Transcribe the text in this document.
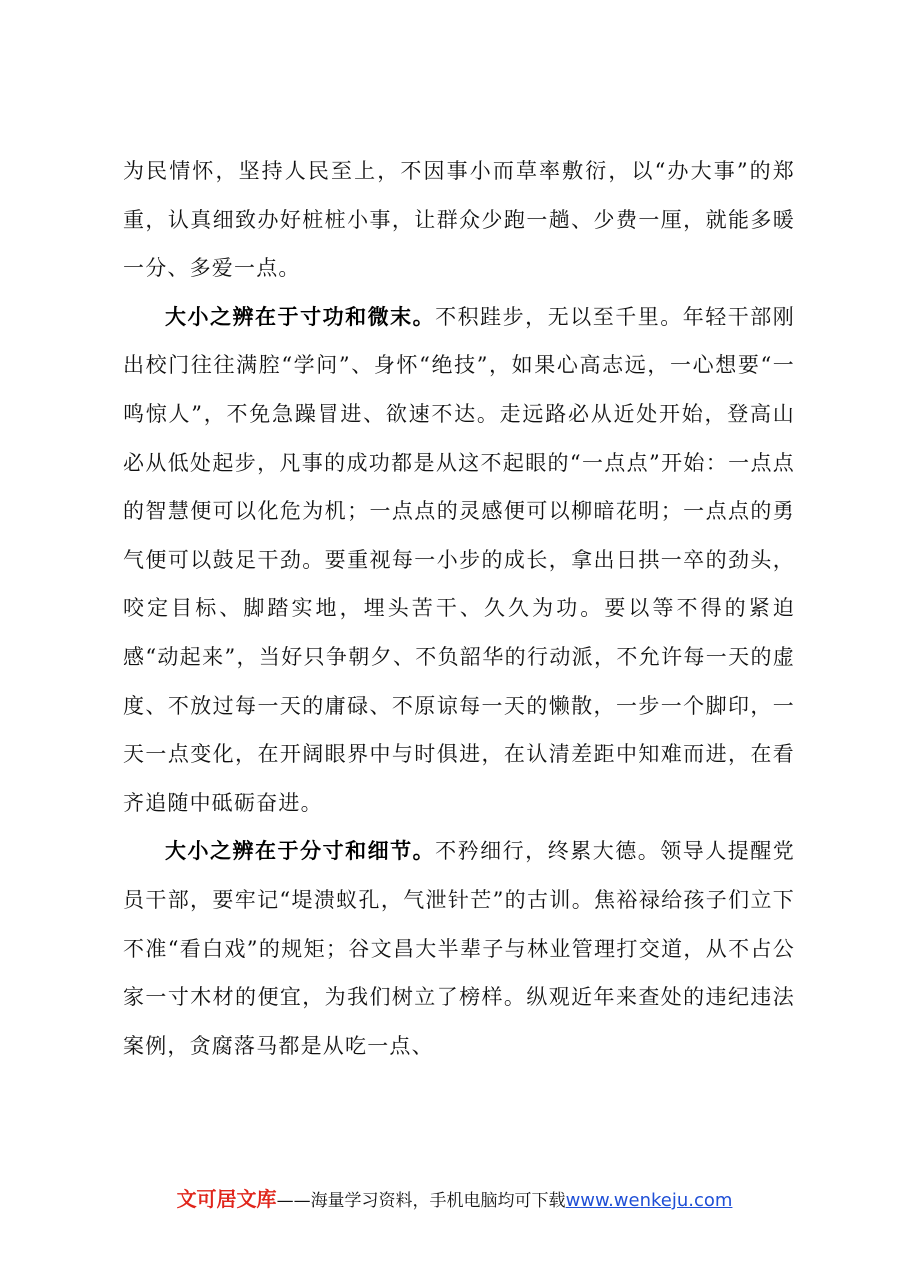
为民情怀，坚持人民至上，不因事小而草率敷衍，以“办大事”的郑重，认真细致办好桩桩小事，让群众少跑一趟、少费一厘，就能多暖一分、多爱一点。

大小之辨在于寸功和微末。不积跬步，无以至千里。年轻干部刚出校门往往满腔“学问”、身怀“绝技”，如果心高志远，一心想要“一鸣惊人”，不免急躁冒进、欲速不达。走远路必从近处开始，登高山必从低处起步，凡事的成功都是从这不起眼的“一点点”开始：一点点的智慧便可以化危为机；一点点的灵感便可以柳暗花明；一点点的勇气便可以鼓足干劲。要重视每一小步的成长，拿出日拱一卒的劲头，咬定目标、脚踏实地，埋头苦干、久久为功。要以等不得的紧迫感“动起来”，当好只争朝夕、不负韶华的行动派，不允许每一天的虚度、不放过每一天的庸碌、不原谅每一天的懒散，一步一个脚印，一天一点变化，在开阔眼界中与时俱进，在认清差距中知难而进，在看齐追随中砥砺奋进。

大小之辨在于分寸和细节。不矜细行，终累大德。领导人提醒党员干部，要牢记“堤溃蚁孔，气泄针芒”的古训。焦裕禄给孩子们立下不准“看白戏”的规矩；谷文昌大半辈子与林业管理打交道，从不占公家一寸木材的便宜，为我们树立了榜样。纵观近年来查处的违纪违法案例，贪腐落马都是从吃一点、

文可居文库——海量学习资料，手机电脑均可下载www.wenkeju.com
